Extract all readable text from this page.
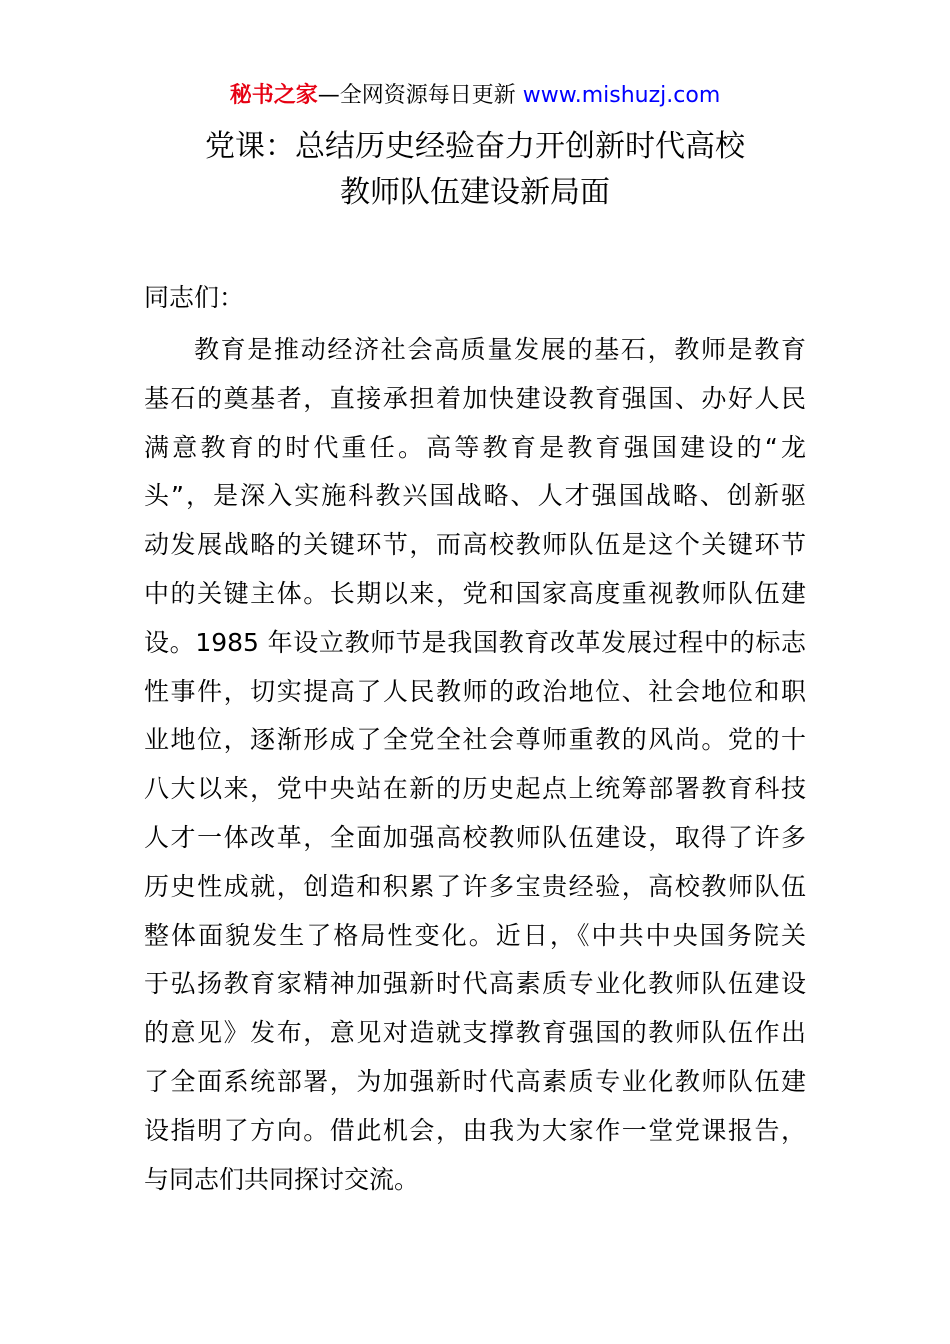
秘书之家—全网资源每日更新 www.mishuzj.com
党课：总结历史经验奋力开创新时代高校
教师队伍建设新局面

同志们：

教育是推动经济社会高质量发展的基石，教师是教育
基石的奠基者，直接承担着加快建设教育强国、办好人民
满意教育的时代重任。高等教育是教育强国建设的“龙
头”，是深入实施科教兴国战略、人才强国战略、创新驱
动发展战略的关键环节，而高校教师队伍是这个关键环节
中的关键主体。长期以来，党和国家高度重视教师队伍建
设。1985 年设立教师节是我国教育改革发展过程中的标志
性事件，切实提高了人民教师的政治地位、社会地位和职
业地位，逐渐形成了全党全社会尊师重教的风尚。党的十
八大以来，党中央站在新的历史起点上统筹部署教育科技
人才一体改革，全面加强高校教师队伍建设，取得了许多
历史性成就，创造和积累了许多宝贵经验，高校教师队伍
整体面貌发生了格局性变化。近日，《中共中央国务院关
于弘扬教育家精神加强新时代高素质专业化教师队伍建设
的意见》发布，意见对造就支撑教育强国的教师队伍作出
了全面系统部署，为加强新时代高素质专业化教师队伍建
设指明了方向。借此机会，由我为大家作一堂党课报告，
与同志们共同探讨交流。
